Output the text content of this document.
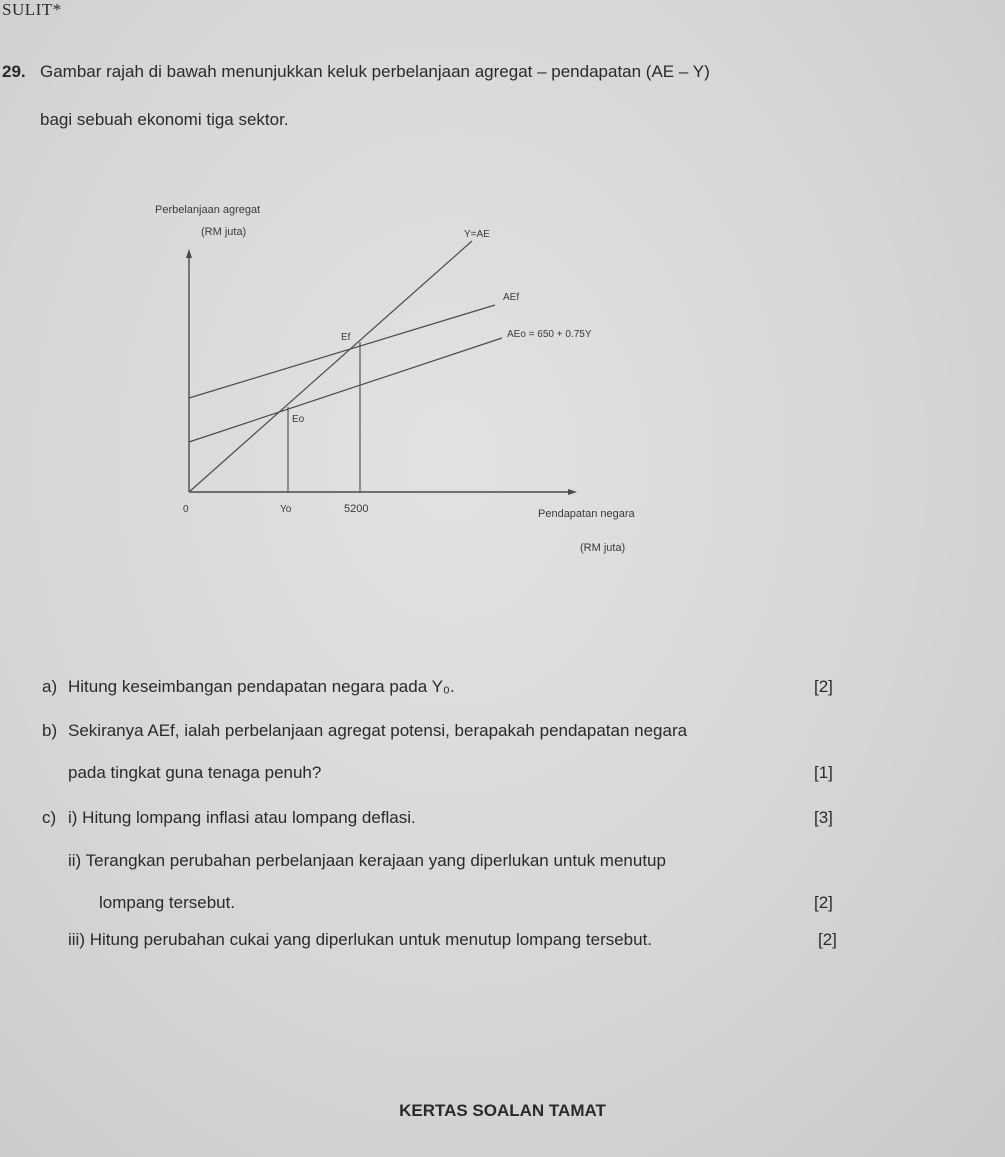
SULIT*
29. Gambar rajah di bawah menunjukkan keluk perbelanjaan agregat – pendapatan (AE – Y)
bagi sebuah ekonomi tiga sektor.
Perbelanjaan agregat
(RM juta)	Y=AE
AEf
AEo = 650 + 0.75Y
Ef
Eo
0	Yo	5200	Pendapatan negara
(RM juta)
a) Hitung keseimbangan pendapatan negara pada Y₀.	[2]
b) Sekiranya AEf, ialah perbelanjaan agregat potensi, berapakah pendapatan negara
pada tingkat guna tenaga penuh?	[1]
c) i) Hitung lompang inflasi atau lompang deflasi.	[3]
ii) Terangkan perubahan perbelanjaan kerajaan yang diperlukan untuk menutup
lompang tersebut.	[2]
iii) Hitung perubahan cukai yang diperlukan untuk menutup lompang tersebut.	[2]
KERTAS SOALAN TAMAT
